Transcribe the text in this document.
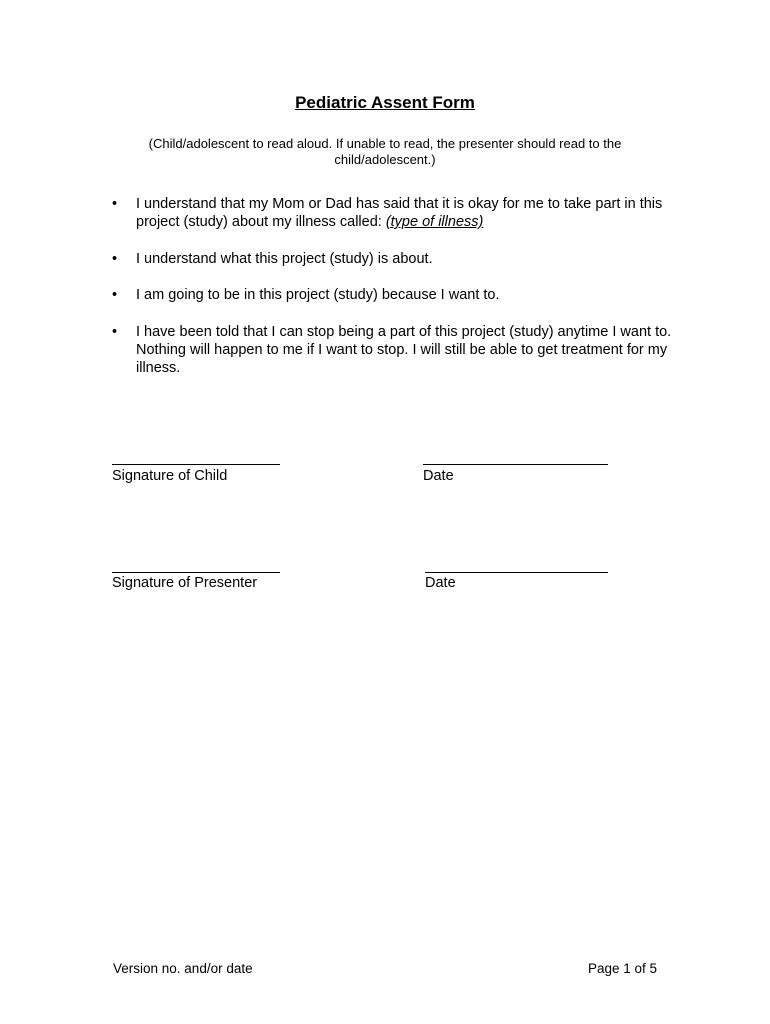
Pediatric Assent Form
(Child/adolescent to read aloud. If unable to read, the presenter should read to the child/adolescent.)
•	I understand that my Mom or Dad has said that it is okay for me to take part in this project (study) about my illness called: (type of illness)
•	I understand what this project (study) is about.
•	I am going to be in this project (study) because I want to.
•	I have been told that I can stop being a part of this project (study) anytime I want to. Nothing will happen to me if I want to stop. I will still be able to get treatment for my illness.
Signature of Child	Date
Signature of Presenter	Date
Version no. and/or date	Page 1 of 5
